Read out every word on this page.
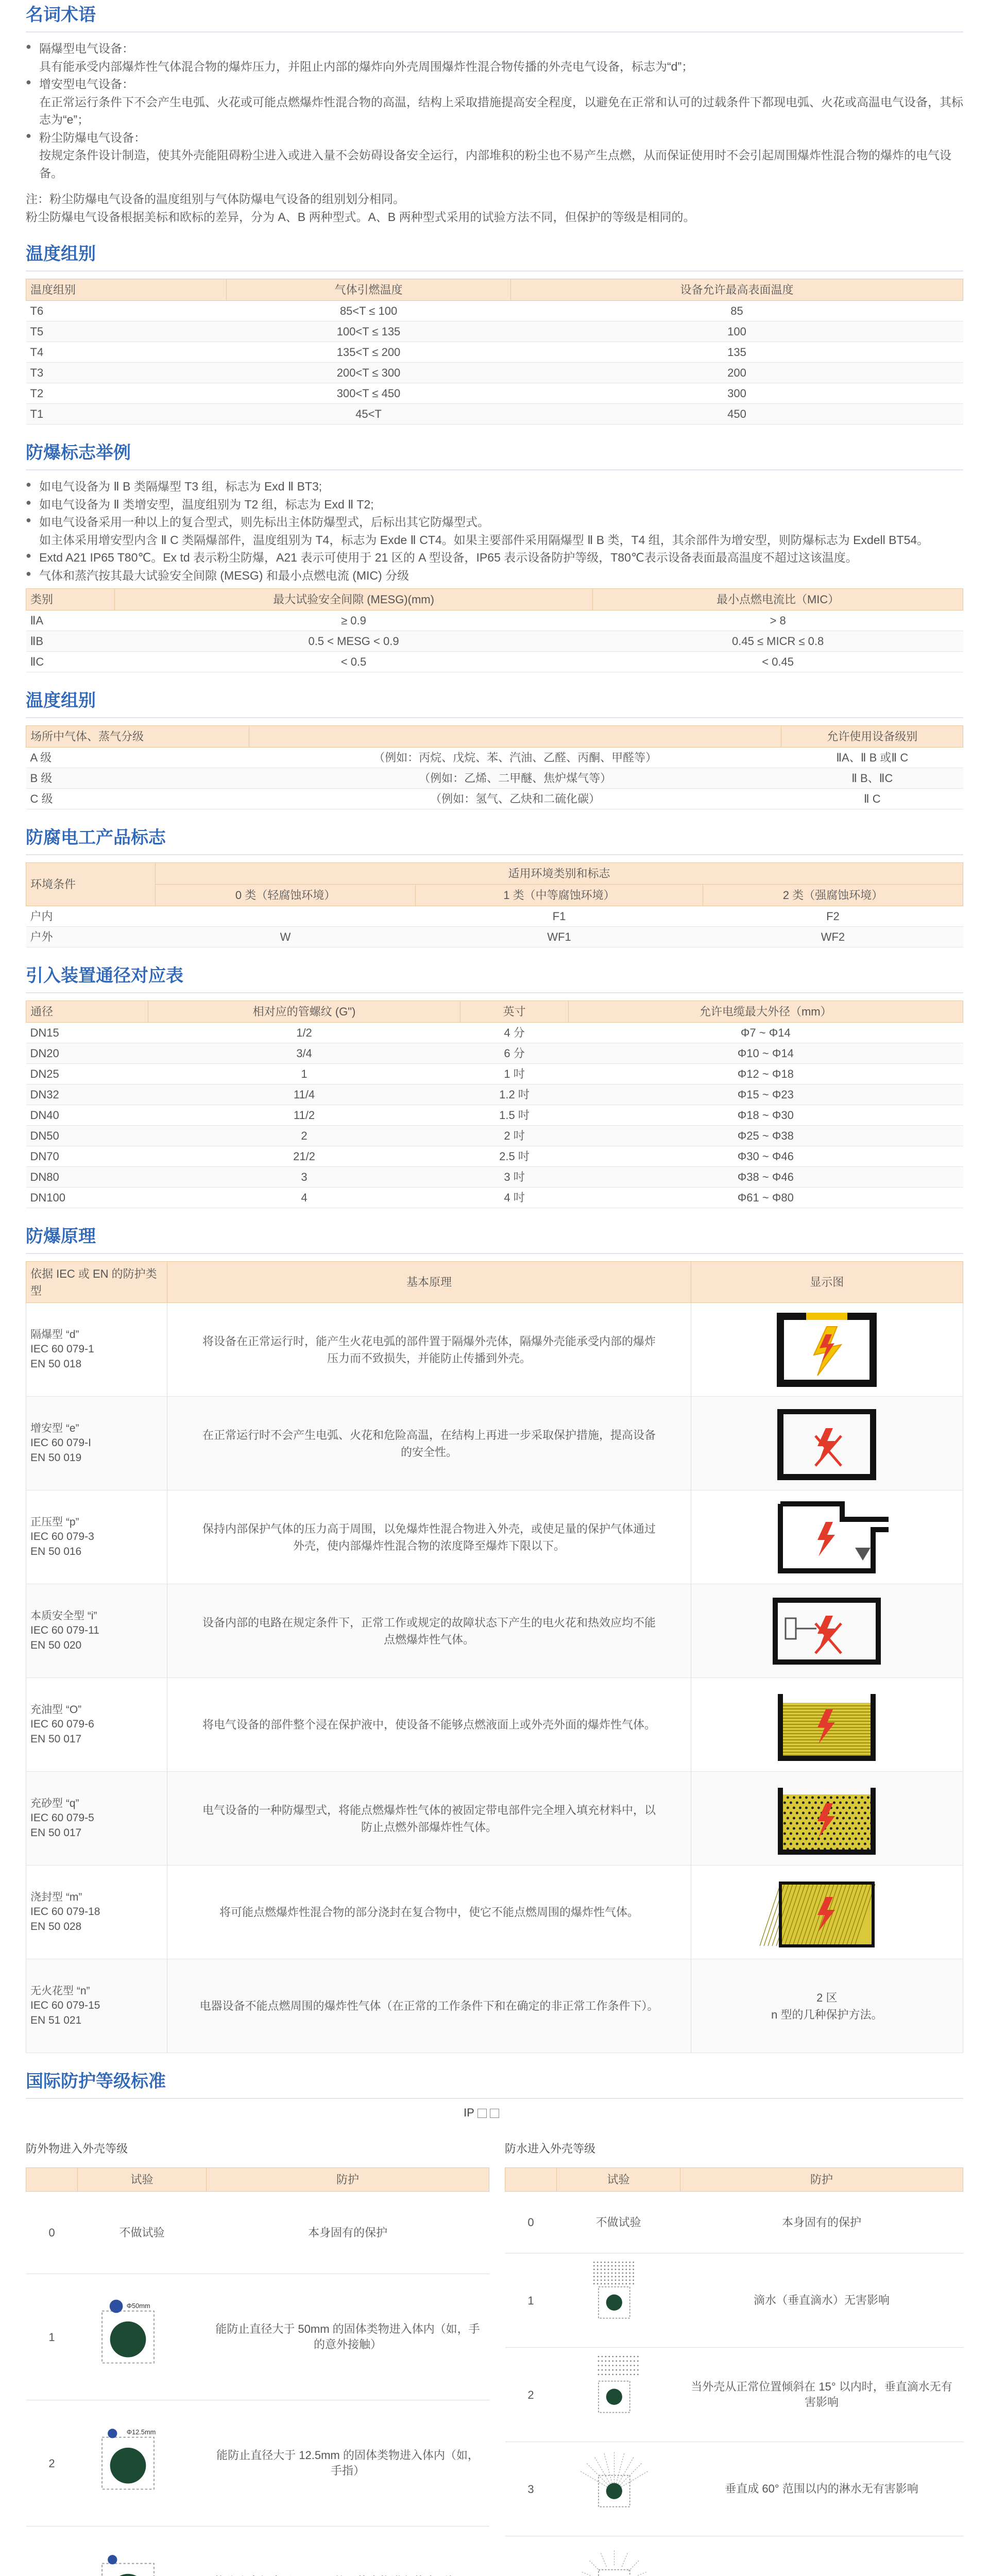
名词术语
● 隔爆型电气设备：
具有能承受内部爆炸性气体混合物的爆炸压力，并阻止内部的爆炸向外壳周围爆炸性混合物传播的外壳电气设备，标志为“d”；
● 增安型电气设备：
在正常运行条件下不会产生电弧、火花或可能点燃爆炸性混合物的高温，结构上采取措施提高安全程度，以避免在正常和认可的过载条件下都现电弧、火花或高温电气设备，其标志为“e”；
● 粉尘防爆电气设备：
按规定条件设计制造，使其外壳能阻碍粉尘进入或进入量不会妨碍设备安全运行，内部堆积的粉尘也不易产生点燃，从而保证使用时不会引起周围爆炸性混合物的爆炸的电气设备。

注：粉尘防爆电气设备的温度组别与气体防爆电气设备的组别划分相同。

粉尘防爆电气设备根据美标和欧标的差异，分为 A、B 两种型式。A、B 两种型式采用的试验方法不同，但保护的等级是相同的。

温度组别
温度组别	气体引燃温度	设备允许最高表面温度
T6	85<T ≤ 100	85
T5	100<T ≤ 135	100
T4	135<T ≤ 200	135
T3	200<T ≤ 300	200
T2	300<T ≤ 450	300
T1	45<T	450
防爆标志举例
● 如电气设备为 Ⅱ B 类隔爆型 T3 组，标志为 Exd Ⅱ BT3;
● 如电气设备为 Ⅱ 类增安型，温度组别为 T2 组，标志为 Exd Ⅱ T2;
● 如电气设备采用一种以上的复合型式，则先标出主体防爆型式，后标出其它防爆型式。
如主体采用增安型内含 Ⅱ C 类隔爆部件，温度组别为 T4，标志为 Exde Ⅱ CT4。如果主要部件采用隔爆型 Ⅱ B 类，T4 组，其余部件为增安型，则防爆标志为 Exdell BT54。
● Extd A21 IP65 T80℃。Ex td 表示粉尘防爆，A21 表示可使用于 21 区的 A 型设备，IP65 表示设备防护等级，T80℃表示设备表面最高温度不超过这该温度。
● 气体和蒸汽按其最大试验安全间隙 (MESG) 和最小点燃电流 (MIC) 分级
类别	最大试验安全间隙 (MESG)(mm)	最小点燃电流比（MIC）
ⅡA	≥ 0.9	> 8
ⅡB	0.5 < MESG < 0.9	0.45 ≤ MICR ≤ 0.8
ⅡC	< 0.5	< 0.45
温度组别
场所中气体、蒸气分级		允许使用设备级别
A 级	（例如：丙烷、戊烷、苯、汽油、乙醛、丙酮、甲醛等）	ⅡA、Ⅱ B 或Ⅱ C
B 级	（例如：乙烯、二甲醚、焦炉煤气等）	Ⅱ B、ⅡC
C 级	（例如：氢气、乙炔和二硫化碳）	Ⅱ C
防腐电工产品标志
环境条件	适用环境类别和标志		
	0 类（轻腐蚀环境）	1 类（中等腐蚀环境）	2 类（强腐蚀环境）
户内		F1	F2
户外	W	WF1	WF2
引入装置通径对应表
通径	相对应的管螺纹 (G")	英寸	允许电缆最大外径（mm）
DN15	1/2	4 分	Φ7 ~ Φ14
DN20	3/4	6 分	Φ10 ~ Φ14
DN25	1	1 吋	Φ12 ~ Φ18
DN32	11/4	1.2 吋	Φ15 ~ Φ23
DN40	11/2	1.5 吋	Φ18 ~ Φ30
DN50	2	2 吋	Φ25 ~ Φ38
DN70	21/2	2.5 吋	Φ30 ~ Φ46
DN80	3	3 吋	Φ38 ~ Φ46
DN100	4	4 吋	Φ61 ~ Φ80
防爆原理
依据 IEC 或 EN 的防护类型	基本原理	显示图
隔爆型 “d”
IEC 60 079-1
EN 50 018	将设备在正常运行时，能产生火花电弧的部件置于隔爆外壳体，隔爆外壳能承受内部的爆炸压力而不致损失，并能防止传播到外壳。	

增安型 “e”
IEC 60 079-I
EN 50 019	在正常运行时不会产生电弧、火花和危险高温，在结构上再进一步采取保护措施，提高设备的安全性。	

正压型 “p”
IEC 60 079-3
EN 50 016	保持内部保护气体的压力高于周围，以免爆炸性混合物进入外壳，或使足量的保护气体通过外壳，使内部爆炸性混合物的浓度降至爆炸下限以下。	

本质安全型 “i”
IEC 60 079-11
EN 50 020	设备内部的电路在规定条件下，正常工作或规定的故障状态下产生的电火花和热效应均不能点燃爆炸性气体。	

充油型 “O”
IEC 60 079-6
EN 50 017	将电气设备的部件整个浸在保护液中，使设备不能够点燃液面上或外壳外面的爆炸性气体。	

充砂型 “q”
IEC 60 079-5
EN 50 017	电气设备的一种防爆型式，将能点燃爆炸性气体的被固定带电部件完全埋入填充材料中，以防止点燃外部爆炸性气体。	

浇封型 “m”
IEC 60 079-18
EN 50 028	将可能点燃爆炸性混合物的部分浇封在复合物中，使它不能点燃周围的爆炸性气体。	

无火花型 “n”
IEC 60 079-15
EN 51 021	电器设备不能点燃周围的爆炸性气体（在正常的工作条件下和在确定的非正常工作条件下）。	2 区
n 型的几种保护方法。
国际防护等级标准
IP
防外物进入外壳等级
	试验	防护
0	不做试验	本身固有的保护
1	Φ50mm	能防止直径大于 50mm 的固体类物进入体内（如，手的意外接触）
2	Φ12.5mm	能防止直径大于 12.5mm 的固体类物进入体内（如，手指）

防水进入外壳等级
	试验	防护
0	不做试验	本身固有的保护
1		滴水（垂直滴水）无害影响
2		当外壳从正常位置倾斜在 15° 以内时，垂直滴水无有害影响
3		垂直成 60° 范围以内的淋水无有害影响
